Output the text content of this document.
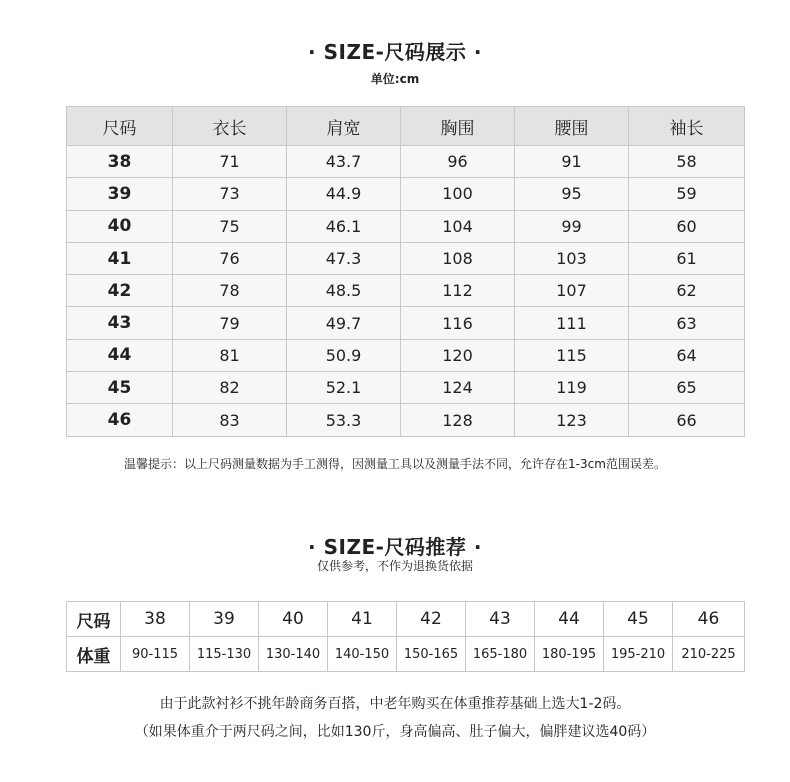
· SIZE-尺码展示 ·
单位:cm
尺码	衣长	肩宽	胸围	腰围	袖长
38	71	43.7	96	91	58
39	73	44.9	100	95	59
40	75	46.1	104	99	60
41	76	47.3	108	103	61
42	78	48.5	112	107	62
43	79	49.7	116	111	63
44	81	50.9	120	115	64
45	82	52.1	124	119	65
46	83	53.3	128	123	66
温馨提示：以上尺码测量数据为手工测得，因测量工具以及测量手法不同，允许存在1-3cm范围误差。
· SIZE-尺码推荐 ·
仅供参考，不作为退换货依据
尺码	38	39	40	41	42	43	44	45	46
体重	90-115	115-130	130-140	140-150	150-165	165-180	180-195	195-210	210-225
由于此款衬衫不挑年龄商务百搭，中老年购买在体重推荐基础上选大1-2码。
（如果体重介于两尺码之间，比如130斤，身高偏高、肚子偏大，偏胖建议选40码）
